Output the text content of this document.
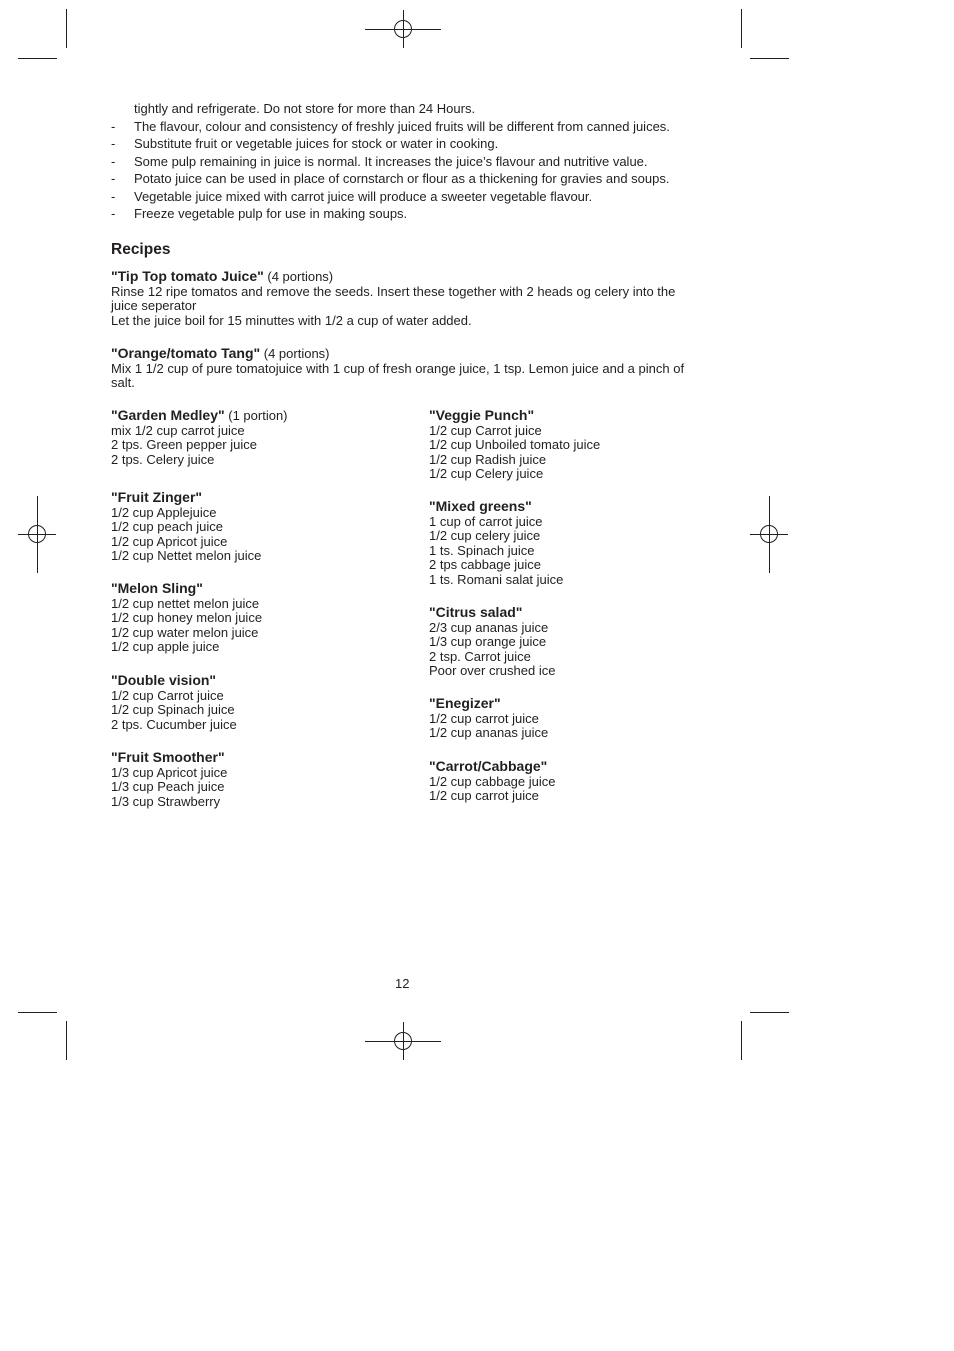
tightly and refrigerate. Do not store for more than 24 Hours.
- The flavour, colour and consistency of freshly juiced fruits will be different from canned juices.
- Substitute fruit or vegetable juices for stock or water in cooking.
- Some pulp remaining in juice is normal. It increases the juice’s flavour and nutritive value.
- Potato juice can be used in place of cornstarch or flour as a thickening for gravies and soups.
- Vegetable juice mixed with carrot juice will produce a sweeter vegetable flavour.
- Freeze vegetable pulp for use in making soups.
Recipes
"Tip Top tomato Juice" (4 portions)
Rinse 12 ripe tomatos and remove the seeds. Insert these together with 2 heads og celery into the juice seperator
Let the juice boil for 15 minuttes with 1/2 a cup of water added.
"Orange/tomato Tang" (4 portions)
Mix 1 1/2 cup of pure tomatojuice with 1 cup of fresh orange juice, 1 tsp. Lemon juice and a pinch of salt.
"Garden Medley" (1 portion)
mix 1/2 cup carrot juice
2 tps. Green pepper juice
2 tps. Celery juice
"Fruit Zinger"
1/2 cup Applejuice
1/2 cup peach juice
1/2 cup Apricot juice
1/2 cup Nettet melon juice
"Melon Sling"
1/2 cup nettet melon juice
1/2 cup honey melon juice
1/2 cup water melon juice
1/2 cup apple juice
"Double vision"
1/2 cup Carrot juice
1/2 cup Spinach juice
2 tps. Cucumber juice
"Fruit Smoother"
1/3 cup Apricot juice
1/3 cup Peach juice
1/3 cup Strawberry
"Veggie Punch"
1/2 cup Carrot juice
1/2 cup Unboiled tomato juice
1/2 cup Radish juice
1/2 cup Celery juice
"Mixed greens"
1 cup of carrot juice
1/2 cup celery juice
1 ts. Spinach juice
2 tps cabbage juice
1 ts. Romani salat juice
"Citrus salad"
2/3 cup ananas juice
1/3 cup orange juice
2 tsp. Carrot juice
Poor over crushed ice
"Enegizer"
1/2 cup carrot juice
1/2 cup ananas juice
"Carrot/Cabbage"
1/2 cup cabbage juice
1/2 cup carrot juice
12
